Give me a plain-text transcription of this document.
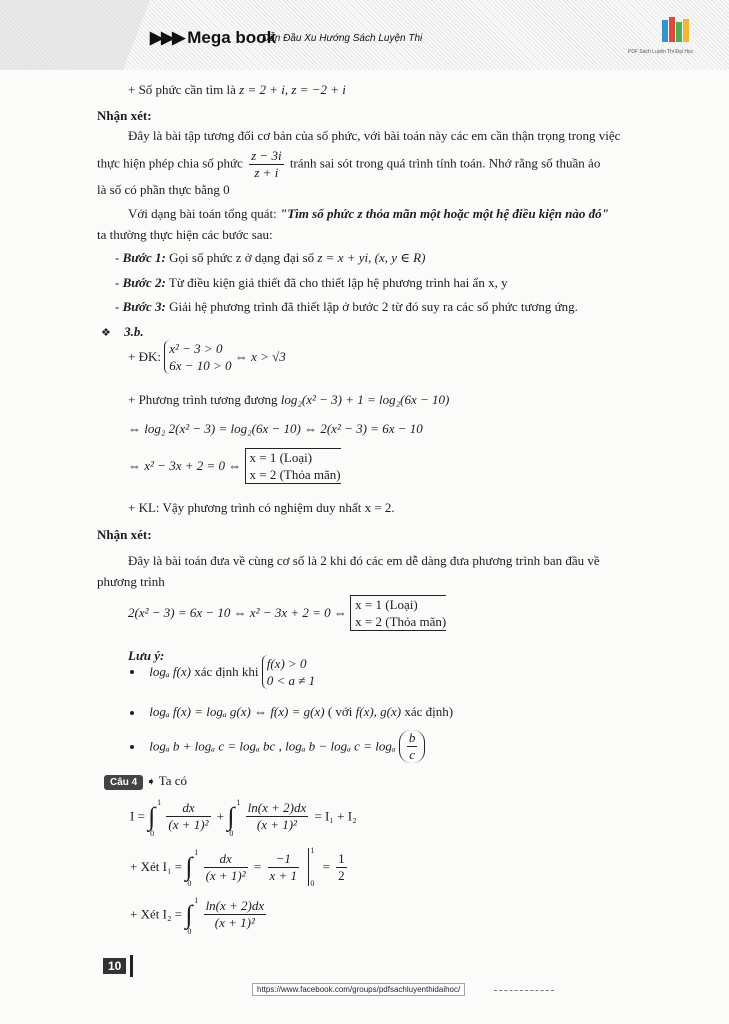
▶▶▶ Mega book
Dẫn Đầu Xu Hướng Sách Luyện Thi
PDF Sách Luyện Thi Đại Học
+ Số phức cần tìm là z = 2 + i, z = −2 + i
Nhận xét:
Đây là bài tập tương đối cơ bản của số phức, với bài toán này các em cần thận trọng trong việc
thực hiện phép chia số phức $\frac{z - 3i}{z + i}$ tránh sai sót trong quá trình tính toán. Nhớ rằng số thuần ảo
là số có phần thực bằng 0
Với dạng bài toán tổng quát: "Tìm số phức z thỏa mãn một hoặc một hệ điều kiện nào đó"
ta thường thực hiện các bước sau:
- Bước 1: Gọi số phức z ở dạng đại số z = x + yi, (x, y ∈ R)
- Bước 2: Từ điều kiện giả thiết đã cho thiết lập hệ phương trình hai ẩn x, y
- Bước 3: Giải hệ phương trình đã thiết lập ở bước 2 từ đó suy ra các số phức tương ứng.
❖ 3.b.
+ ĐK:
x² − 3 > 0
6x − 10 > 0
⇔ x > √3
+ Phương trình tương đương log₂(x² − 3) + 1 = log₂(6x − 10)
⇔ log₂ 2(x² − 3) = log₂(6x − 10) ⇔ 2(x² − 3) = 6x − 10
⇔ x² − 3x + 2 = 0 ⇔
x = 1 (Loại)
x = 2 (Thỏa mãn)
+ KL: Vậy phương trình có nghiệm duy nhất x = 2.
Nhận xét:
Đây là bài toán đưa về cùng cơ số là 2 khi đó các em dễ dàng đưa phương trình ban đầu về
phương trình
2(x² − 3) = 6x − 10 ⇔ x² − 3x + 2 = 0 ⇔
x = 1 (Loại)
x = 2 (Thỏa mãn)
Lưu ý:
logₐ f(x) xác định khi
f(x) > 0
0 < a ≠ 1
logₐ f(x) = logₐ g(x) ⇔ f(x) = g(x) ( với f(x), g(x) xác định)
logₐ b + logₐ c = logₐ bc , logₐ b − logₐ c = logₐ $\frac{b}{c}$
Câu 4 ➧ Ta có
I = ∫ 1
0
$\frac{dx}{\text{(x + 1)²}}$ + ∫ 1
0
$\frac{\ln(x + 2)dx}{\text{(x + 1)²}} = I_1 + I_2$
+ Xét I₁ = ∫ 1
0
$\frac{dx}{\text{(x + 1)²}} = \frac{-1}{x + 1}$
1
0
= $\frac{1}{2}$
+ Xét I₂ = ∫ 1
0
$\frac{\ln(x + 2)dx}{\text{(x + 1)²}}$
10
https://www.facebook.com/groups/pdfsachluyenthidaihoc/
